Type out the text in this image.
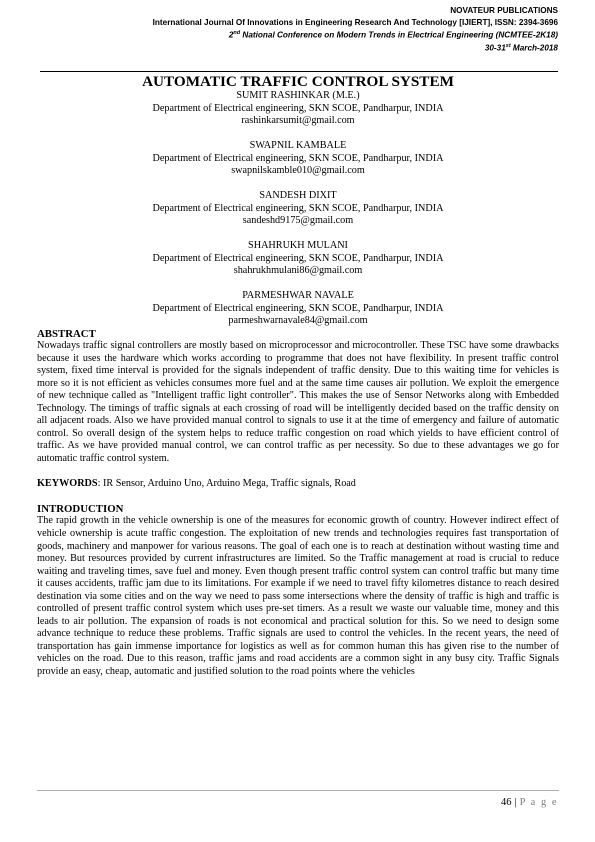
NOVATEUR PUBLICATIONS
International Journal Of Innovations in Engineering Research And Technology [IJIERT], ISSN: 2394-3696
2nd National Conference on Modern Trends in Electrical Engineering (NCMTEE-2K18)
30-31st March-2018
AUTOMATIC TRAFFIC CONTROL SYSTEM
SUMIT RASHINKAR (M.E.)
Department of Electrical engineering, SKN SCOE, Pandharpur, INDIA
rashinkarsumit@gmail.com
SWAPNIL KAMBALE
Department of Electrical engineering, SKN SCOE, Pandharpur, INDIA
swapnilskamble010@gmail.com
SANDESH DIXIT
Department of Electrical engineering, SKN SCOE, Pandharpur, INDIA
sandeshd9175@gmail.com
SHAHRUKH MULANI
Department of Electrical engineering, SKN SCOE, Pandharpur, INDIA
shahrukhmulani86@gmail.com
PARMESHWAR NAVALE
Department of Electrical engineering, SKN SCOE, Pandharpur, INDIA
parmeshwarnavale84@gmail.com
ABSTRACT
Nowadays traffic signal controllers are mostly based on microprocessor and microcontroller. These TSC have some drawbacks because it uses the hardware which works according to programme that does not have flexibility. In present traffic control system, fixed time interval is provided for the signals independent of traffic density. Due to this waiting time for vehicles is more so it is not efficient as vehicles consumes more fuel and at the same time causes air pollution. We exploit the emergence of new technique called as "Intelligent traffic light controller". This makes the use of Sensor Networks along with Embedded Technology. The timings of traffic signals at each crossing of road will be intelligently decided based on the traffic density on all adjacent roads. Also we have provided manual control to signals to use it at the time of emergency and failure of automatic control. So overall design of the system helps to reduce traffic congestion on road which yields to have efficient control of traffic. As we have provided manual control, we can control traffic as per necessity. So due to these advantages we go for automatic traffic control system.
KEYWORDS: IR Sensor, Arduino Uno, Arduino Mega, Traffic signals, Road
INTRODUCTION
The rapid growth in the vehicle ownership is one of the measures for economic growth of country. However indirect effect of vehicle ownership is acute traffic congestion. The exploitation of new trends and technologies requires fast transportation of goods, machinery and manpower for various reasons. The goal of each one is to reach at destination without wasting time and money. But resources provided by current infrastructures are limited. So the Traffic management at road is crucial to reduce waiting and traveling times, save fuel and money. Even though present traffic control system can control traffic but many time it causes accidents, traffic jam due to its limitations. For example if we need to travel fifty kilometres distance to reach desired destination via some cities and on the way we need to pass some intersections where the density of traffic is high and traffic is controlled of present traffic control system which uses pre-set timers. As a result we waste our valuable time, money and this leads to air pollution. The expansion of roads is not economical and practical solution for this. So we need to design some advance technique to reduce these problems. Traffic signals are used to control the vehicles. In the recent years, the need of transportation has gain immense importance for logistics as well as for common human this has given rise to the number of vehicles on the road. Due to this reason, traffic jams and road accidents are a common sight in any busy city. Traffic Signals provide an easy, cheap, automatic and justified solution to the road points where the vehicles
46 | P a g e
